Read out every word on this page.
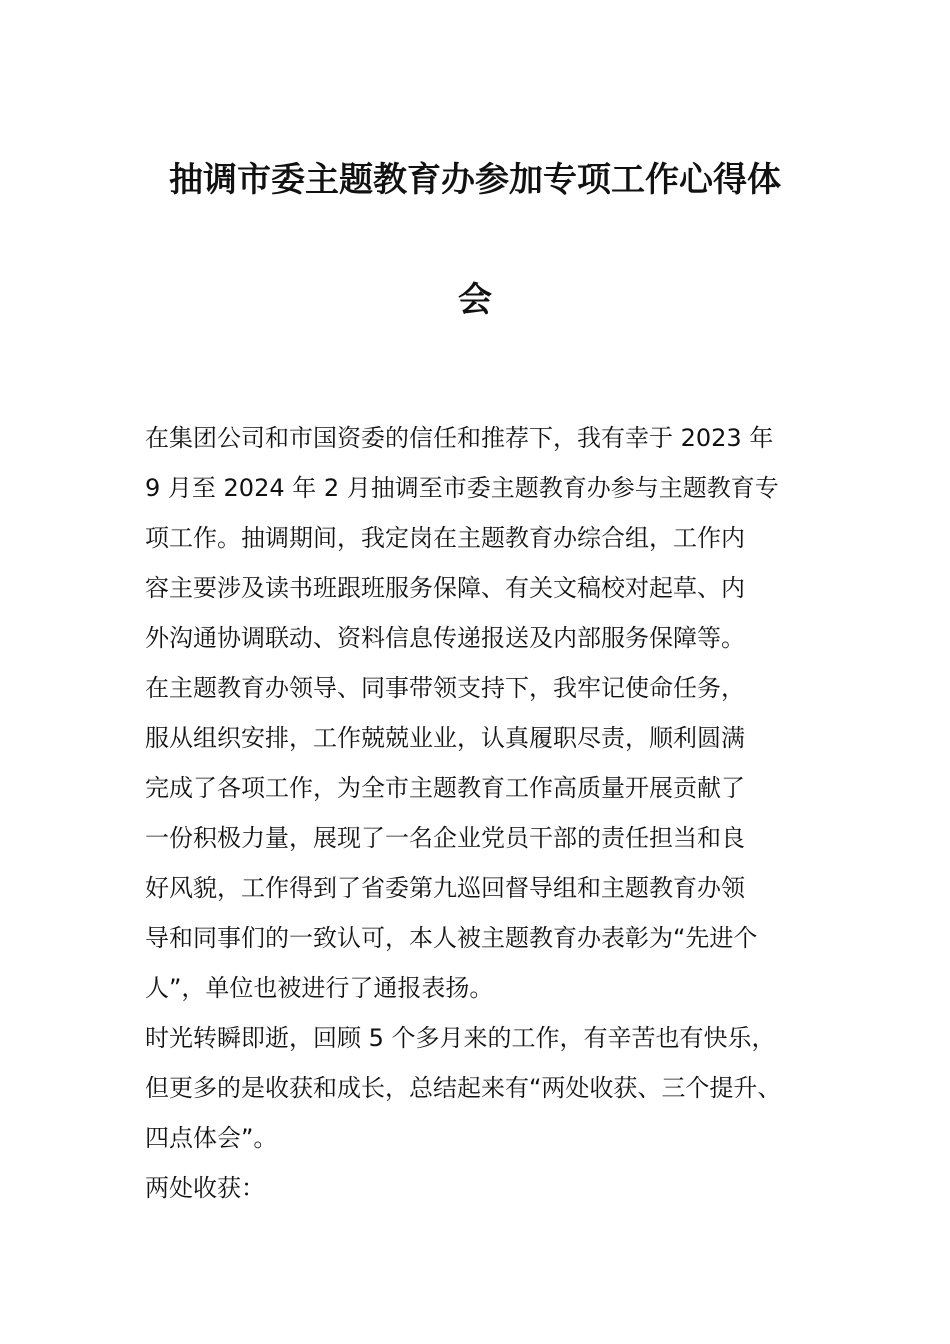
抽调市委主题教育办参加专项工作心得体
会
在集团公司和市国资委的信任和推荐下，我有幸于 2023 年
9 月至 2024 年 2 月抽调至市委主题教育办参与主题教育专
项工作。抽调期间，我定岗在主题教育办综合组，工作内
容主要涉及读书班跟班服务保障、有关文稿校对起草、内
外沟通协调联动、资料信息传递报送及内部服务保障等。
在主题教育办领导、同事带领支持下，我牢记使命任务，
服从组织安排，工作兢兢业业，认真履职尽责，顺利圆满
完成了各项工作，为全市主题教育工作高质量开展贡献了
一份积极力量，展现了一名企业党员干部的责任担当和良
好风貌，工作得到了省委第九巡回督导组和主题教育办领
导和同事们的一致认可，本人被主题教育办表彰为“先进个
人”，单位也被进行了通报表扬。
时光转瞬即逝，回顾 5 个多月来的工作，有辛苦也有快乐，
但更多的是收获和成长，总结起来有“两处收获、三个提升、
四点体会”。
两处收获：
